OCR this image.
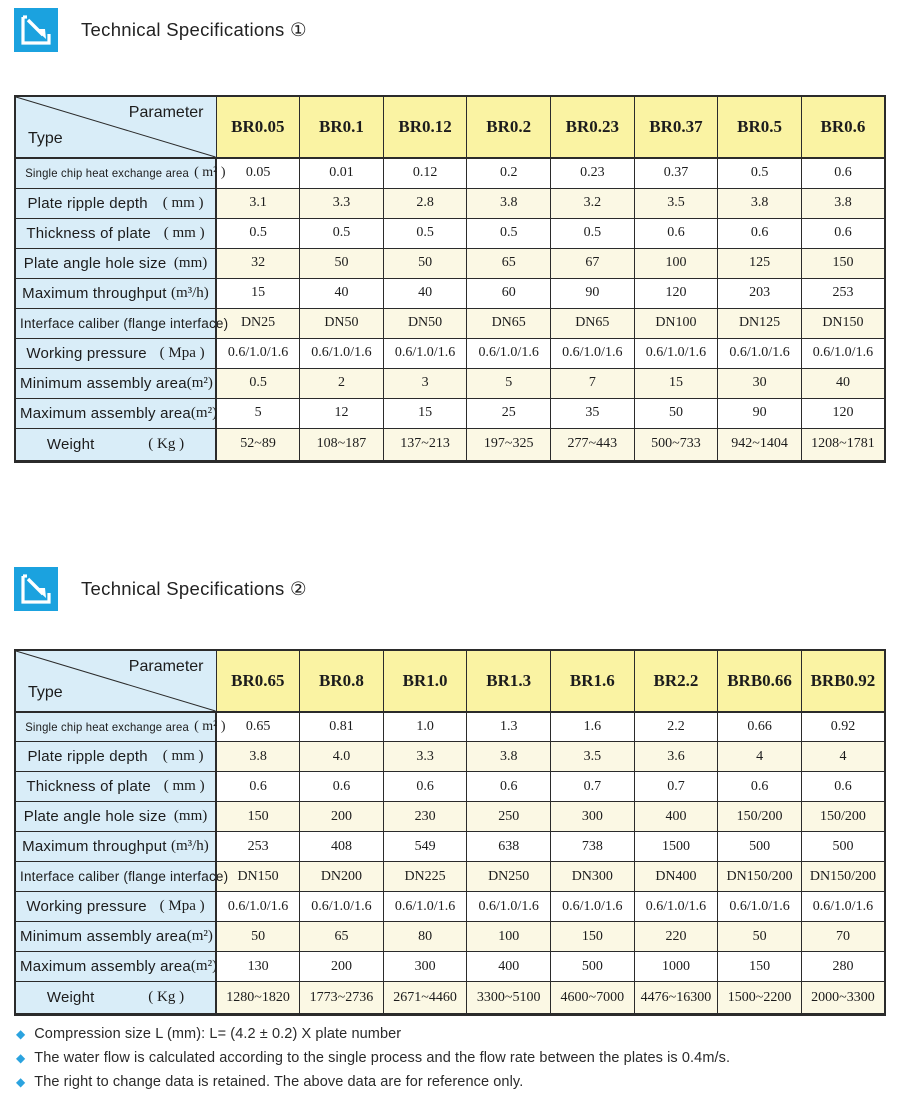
Technical Specifications ①
Parameter
Type	BR0.05	BR0.1	BR0.12	BR0.2	BR0.23	BR0.37	BR0.5	BR0.6

Single chip heat exchange area ( m² )	0.05	0.01	0.12	0.2	0.23	0.37	0.5	0.6

Plate ripple depth ( mm )	3.1	3.3	2.8	3.8	3.2	3.5	3.8	3.8

Thickness of plate ( mm )	0.5	0.5	0.5	0.5	0.5	0.6	0.6	0.6

Plate angle hole size (mm)	32	50	50	65	67	100	125	150

Maximum throughput (m³/h)	15	40	40	60	90	120	203	253

Interface caliber (flange interface)	DN25	DN50	DN50	DN65	DN65	DN100	DN125	DN150

Working pressure ( Mpa )	0.6/1.0/1.6	0.6/1.0/1.6	0.6/1.0/1.6	0.6/1.0/1.6	0.6/1.0/1.6	0.6/1.0/1.6	0.6/1.0/1.6	0.6/1.0/1.6

Minimum assembly area (m²)	0.5	2	3	5	7	15	30	40

Maximum assembly area (m²)	5	12	15	25	35	50	90	120

Weight ( Kg )	52~89	108~187	137~213	197~325	277~443	500~733	942~1404	1208~1781
Technical Specifications ②
Parameter
Type	BR0.65	BR0.8	BR1.0	BR1.3	BR1.6	BR2.2	BRB0.66	BRB0.92

Single chip heat exchange area ( m² )	0.65	0.81	1.0	1.3	1.6	2.2	0.66	0.92

Plate ripple depth ( mm )	3.8	4.0	3.3	3.8	3.5	3.6	4	4

Thickness of plate ( mm )	0.6	0.6	0.6	0.6	0.7	0.7	0.6	0.6

Plate angle hole size (mm)	150	200	230	250	300	400	150/200	150/200

Maximum throughput (m³/h)	253	408	549	638	738	1500	500	500

Interface caliber (flange interface)	DN150	DN200	DN225	DN250	DN300	DN400	DN150/200	DN150/200

Working pressure ( Mpa )	0.6/1.0/1.6	0.6/1.0/1.6	0.6/1.0/1.6	0.6/1.0/1.6	0.6/1.0/1.6	0.6/1.0/1.6	0.6/1.0/1.6	0.6/1.0/1.6

Minimum assembly area (m²)	50	65	80	100	150	220	50	70

Maximum assembly area (m²)	130	200	300	400	500	1000	150	280

Weight ( Kg )	1280~1820	1773~2736	2671~4460	3300~5100	4600~7000	4476~16300	1500~2200	2000~3300
◆ Compression size L (mm): L= (4.2 ± 0.2) X plate number
◆ The water flow is calculated according to the single process and the flow rate between the plates is 0.4m/s.
◆ The right to change data is retained. The above data are for reference only.
